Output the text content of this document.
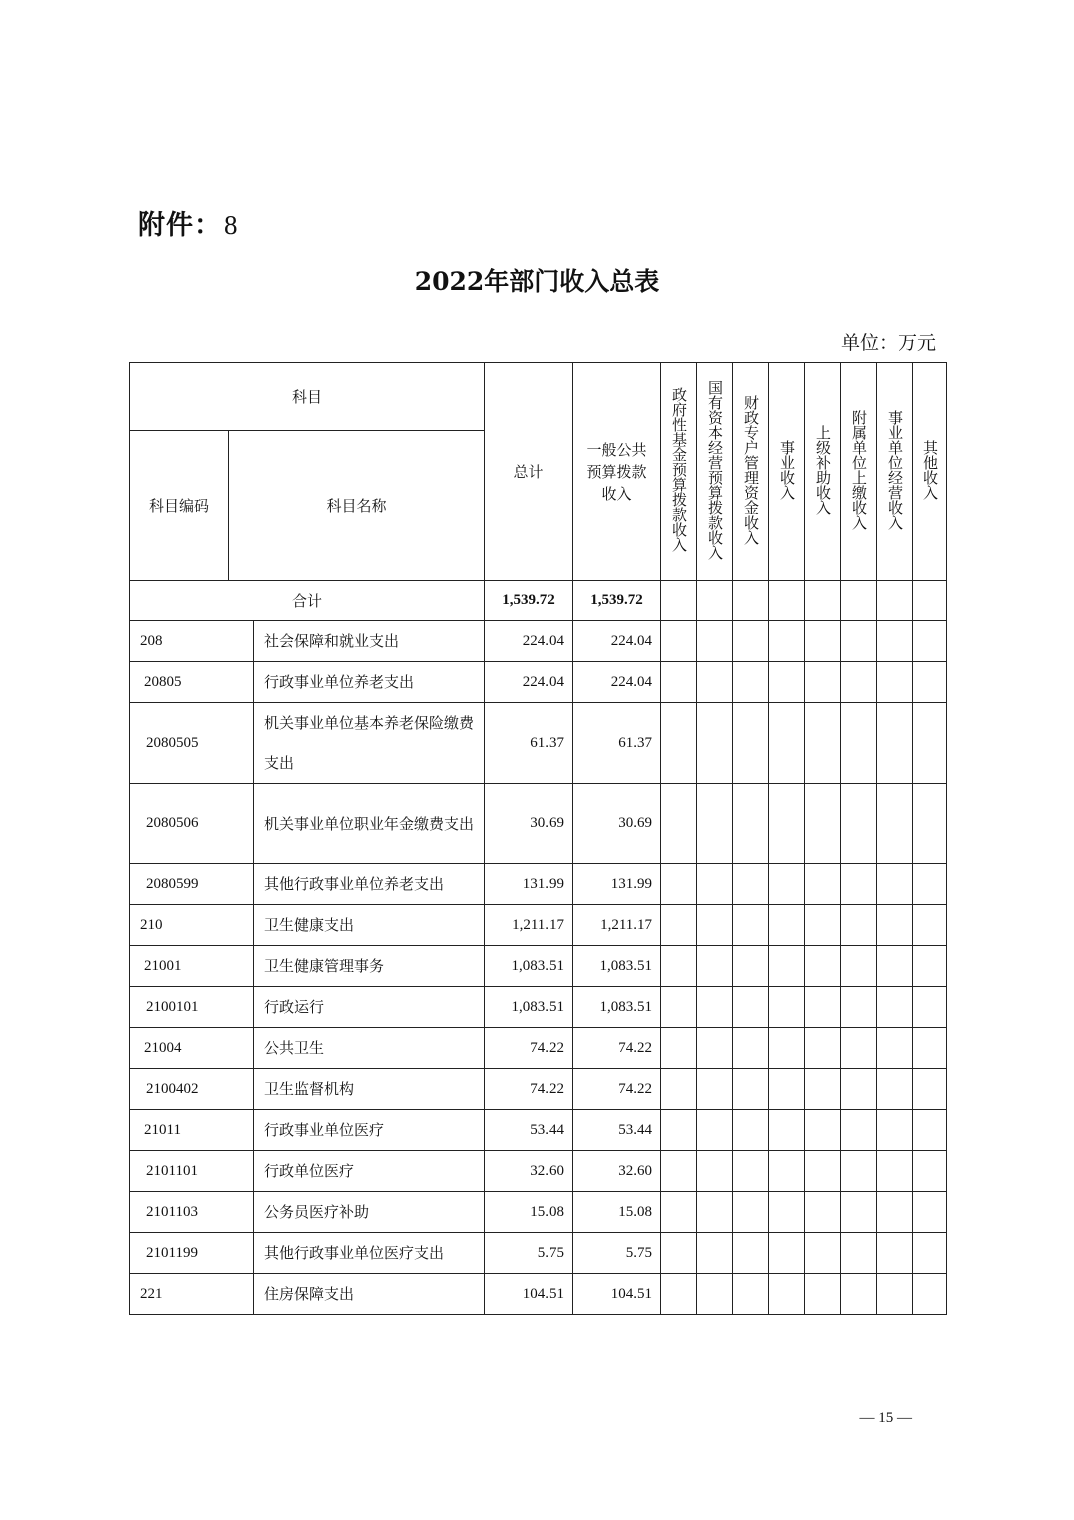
附件：8
2022年部门收入总表
单位：万元
科目			总计	一般公共预算拨款收入	政府性基金预算拨款收入	国有资本经营预算拨款收入	财政专户管理资金收入	事业收入	上级补助收入	附属单位上缴收入	事业单位经营收入	其他收入
科目编码	科目名称											
合计			1,539.72	1,539.72								
208		社会保障和就业支出	224.04	224.04								
20805		行政事业单位养老支出	224.04	224.04								
2080505		机关事业单位基本养老保险缴费支出	61.37	61.37								
2080506		机关事业单位职业年金缴费支出	30.69	30.69								
2080599		其他行政事业单位养老支出	131.99	131.99								
210		卫生健康支出	1,211.17	1,211.17								
21001		卫生健康管理事务	1,083.51	1,083.51								
2100101		行政运行	1,083.51	1,083.51								
21004		公共卫生	74.22	74.22								
2100402		卫生监督机构	74.22	74.22								
21011		行政事业单位医疗	53.44	53.44								
2101101		行政单位医疗	32.60	32.60								
2101103		公务员医疗补助	15.08	15.08								
2101199		其他行政事业单位医疗支出	5.75	5.75								
221		住房保障支出	104.51	104.51								
— 15 —
